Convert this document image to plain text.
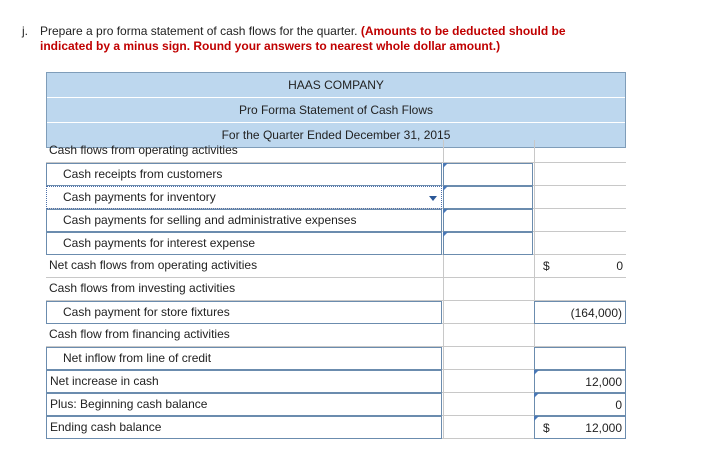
j. Prepare a pro forma statement of cash flows for the quarter. (Amounts to be deducted should be
indicated by a minus sign. Round your answers to nearest whole dollar amount.)
HAAS COMPANY
Pro Forma Statement of Cash Flows
For the Quarter Ended December 31, 2015
Cash flows from operating activities
Cash receipts from customers
Cash payments for inventory
Cash payments for selling and administrative expenses
Cash payments for interest expense
Net cash flows from operating activities	$	0
Cash flows from investing activities
Cash payment for store fixtures	(164,000)
Cash flow from financing activities
Net inflow from line of credit
Net increase in cash	12,000
Plus: Beginning cash balance	0
Ending cash balance	$	12,000
